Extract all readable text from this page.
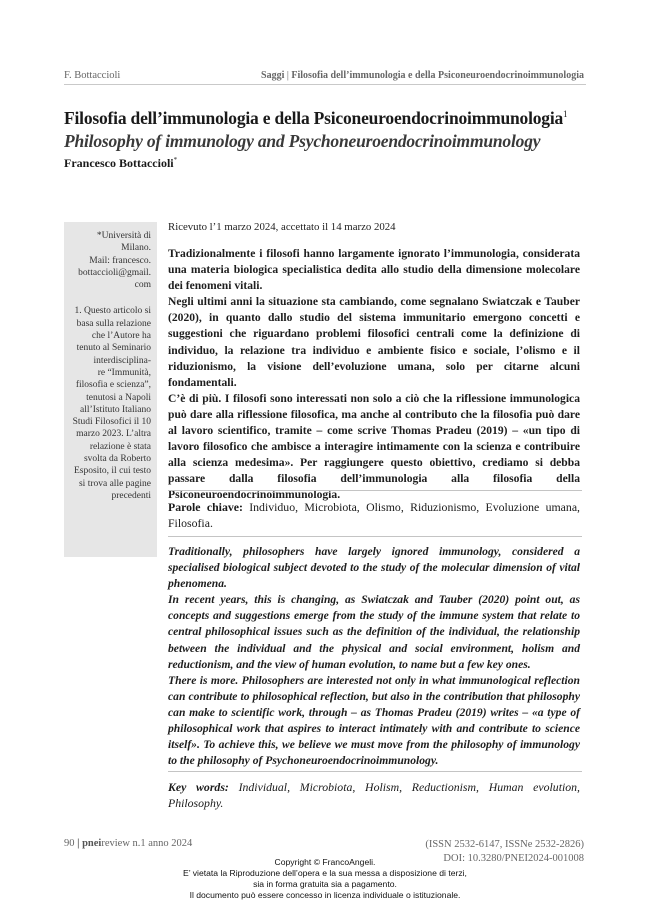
F. Bottaccioli	Saggi | Filosofia dell’immunologia e della Psiconeuroendocrinoimmunologia
Filosofia dell’immunologia e della Psiconeuroendocrinoimmunologia$^1$
Philosophy of immunology and Psychoneuroendocrinoimmunology
Francesco Bottaccioli*

*Università di

Milano.

Mail: francesco.

bottaccioli@gmail.

com

1. Questo articolo si

basa sulla relazione

che l’Autore ha

tenuto al Seminario

interdisciplina-

re “Immunità,

filosofia e scienza”,

tenutosi a Napoli

all’Istituto Italiano

Studi Filosofici il 10

marzo 2023. L’altra

relazione è stata

svolta da Roberto

Esposito, il cui testo

si trova alle pagine

precedenti

Ricevuto l’1 marzo 2024, accettato il 14 marzo 2024

Tradizionalmente i filosofi hanno largamente ignorato l’immunologia, considerata una materia biologica specialistica dedita allo studio della dimensione molecolare dei fenomeni vitali.

Negli ultimi anni la situazione sta cambiando, come segnalano Swiatczak e Tauber (2020), in quanto dallo studio del sistema immunitario emergono concetti e suggestioni che riguardano problemi filosofici centrali come la definizione di individuo, la relazione tra individuo e ambiente fisico e sociale, l’olismo e il riduzionismo, la visione dell’evoluzione umana, solo per citarne alcuni fondamentali.

C’è di più. I filosofi sono interessati non solo a ciò che la riflessione immunologica può dare alla riflessione filosofica, ma anche al contributo che la filosofia può dare al lavoro scientifico, tramite – come scrive Thomas Pradeu (2019) – «un tipo di lavoro filosofico che ambisce a interagire intimamente con la scienza e contribuire alla scienza medesima». Per raggiungere questo obiettivo, crediamo si debba passare dalla filosofia dell’immunologia alla filosofia della Psiconeuroendocrinoimmunologia.

Parole chiave: Individuo, Microbiota, Olismo, Riduzionismo, Evoluzione umana, Filosofia.

Traditionally, philosophers have largely ignored immunology, considered a specialised biological subject devoted to the study of the molecular dimension of vital phenomena.

In recent years, this is changing, as Swiatczak and Tauber (2020) point out, as concepts and suggestions emerge from the study of the immune system that relate to central philosophical issues such as the definition of the individual, the relationship between the individual and the physical and social environment, holism and reductionism, and the view of human evolution, to name but a few key ones.

There is more. Philosophers are interested not only in what immunological reflection can contribute to philosophical reflection, but also in the contribution that philosophy can make to scientific work, through – as Thomas Pradeu (2019) writes – «a type of philosophical work that aspires to interact intimately with and contribute to science itself». To achieve this, we believe we must move from the philosophy of immunology to the philosophy of Psychoneuroendocrinoimmunology.

Key words: Individual, Microbiota, Holism, Reductionism, Human evolution, Philosophy.
90 | pneireview n.1 anno 2024	(ISSN 2532-6147, ISSNe 2532-2826)
DOI: 10.3280/PNEI2024-001008

Copyright © FrancoAngeli.

E’ vietata la Riproduzione dell’opera e la sua messa a disposizione di terzi,

sia in forma gratuita sia a pagamento.

Il documento può essere concesso in licenza individuale o istituzionale.
